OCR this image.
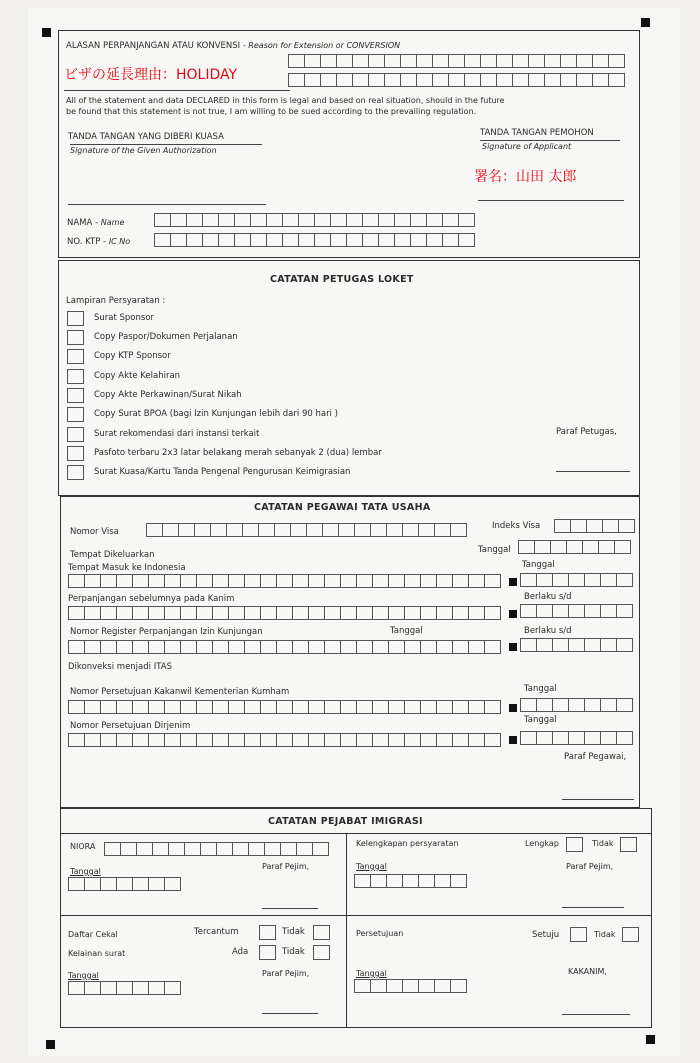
ALASAN PERPANJANGAN ATAU KONVENSI - Reason for Extension or CONVERSION
ビザの延長理由：HOLIDAY
All of the statement and data DECLARED in this form is legal and based on real situation, should in the future
be found that this statement is not true, I am willing to be sued according to the prevailing regulation.
TANDA TANGAN YANG DIBERI KUASA
Signature of the Given Authorization
TANDA TANGAN PEMOHON
Signature of Applicant
署名：山田 太郎
NAMA - Name
NO. KTP - IC No
CATATAN PETUGAS LOKET
Lampiran Persyaratan :
Surat Sponsor
Copy Paspor/Dokumen Perjalanan
Copy KTP Sponsor
Copy Akte Kelahiran
Copy Akte Perkawinan/Surat Nikah
Copy Surat BPOA (bagi Izin Kunjungan lebih dari 90 hari )
Surat rekomendasi dari instansi terkait
Pasfoto terbaru 2x3 latar belakang merah sebanyak 2 (dua) lembar
Surat Kuasa/Kartu Tanda Pengenal Pengurusan Keimigrasian
Paraf Petugas,
CATATAN PEGAWAI TATA USAHA
Nomor Visa
Indeks Visa
Tempat Dikeluarkan	Tanggal
Tempat Masuk ke Indonesia	Tanggal
Perpanjangan sebelumnya pada Kanim	Berlaku s/d
Nomor Register Perpanjangan Izin Kunjungan	Tanggal	Berlaku s/d
Dikonveksi menjadi ITAS
Nomor Persetujuan Kakanwil Kementerian Kumham	Tanggal
Nomor Persetujuan Dirjenim
Tanggal
Paraf Pegawai,
CATATAN PEJABAT IMIGRASI
NIORA
Tanggal
Paraf Pejim,
Kelengkapan persyaratan	Lengkap	Tidak
Tanggal	Paraf Pejim,
Daftar Cekal	Tercantum	Tidak
Kelainan surat	Ada	Tidak
Tanggal	Paraf Pejim,
Persetujuan	Setuju	Tidak
Tanggal	KAKANIM,
